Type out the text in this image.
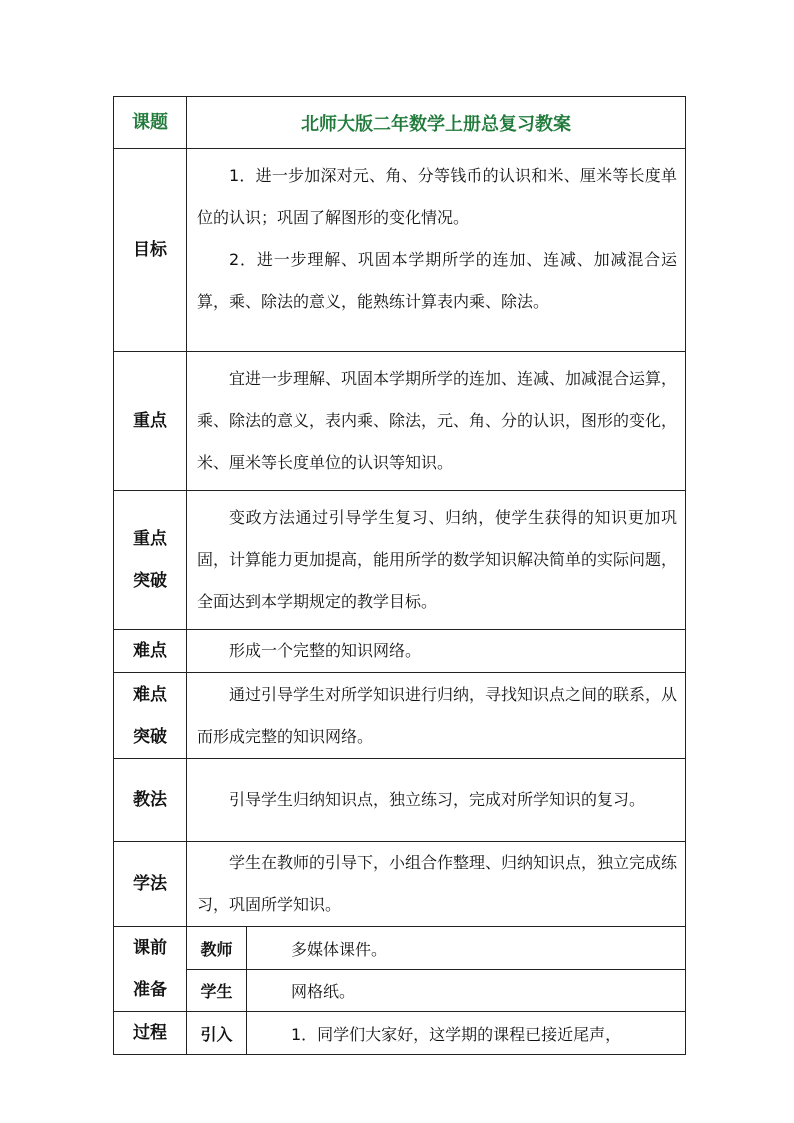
课题	北师大版二年数学上册总复习教案	
目标	1．进一步加深对元、角、分等钱币的认识和米、厘米等长度单位的认识；巩固了解图形的变化情况。

2．进一步理解、巩固本学期所学的连加、连减、加减混合运算，乘、除法的意义，能熟练计算表内乘、除法。	

重点	宜进一步理解、巩固本学期所学的连加、连减、加减混合运算，乘、除法的意义，表内乘、除法，元、角、分的认识，图形的变化，米、厘米等长度单位的认识等知识。	

重点
突破	变政方法通过引导学生复习、归纳，使学生获得的知识更加巩固，计算能力更加提高，能用所学的数学知识解决简单的实际问题，全面达到本学期规定的教学目标。	

难点	形成一个完整的知识网络。	

难点
突破	通过引导学生对所学知识进行归纳，寻找知识点之间的联系，从而形成完整的知识网络。	

教法	引导学生归纳知识点，独立练习，完成对所学知识的复习。	

学法	学生在教师的引导下，小组合作整理、归纳知识点，独立完成练习，巩固所学知识。	

课前
准备	教师	多媒体课件。
	学生	网格纸。
过程	引入	1．同学们大家好，这学期的课程已接近尾声，
